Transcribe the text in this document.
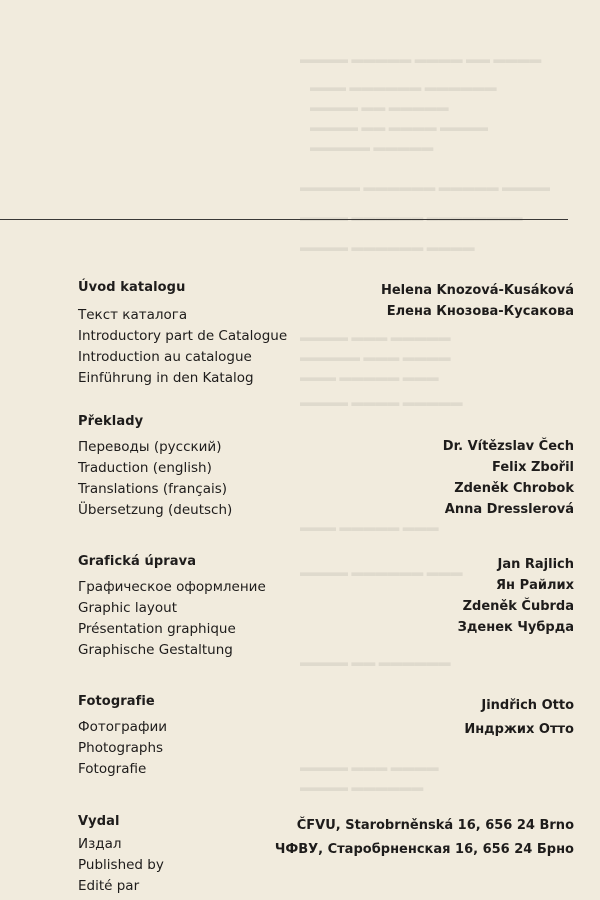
▬▬▬▬ ▬▬▬▬▬ ▬▬▬▬ ▬▬ ▬▬▬▬
▬▬▬ ▬▬▬▬▬▬ ▬▬▬▬▬▬
▬▬▬▬ ▬▬ ▬▬▬▬▬
▬▬▬▬ ▬▬ ▬▬▬▬ ▬▬▬▬
▬▬▬▬▬ ▬▬▬▬▬
▬▬▬▬▬ ▬▬▬▬▬▬ ▬▬▬▬▬ ▬▬▬▬
▬▬▬▬ ▬▬▬▬▬▬ ▬▬▬▬▬▬▬▬
▬▬▬▬ ▬▬▬▬▬▬ ▬▬▬▬
▬▬▬▬ ▬▬▬ ▬▬▬▬▬
▬▬▬▬▬ ▬▬▬ ▬▬▬▬
▬▬▬ ▬▬▬▬▬ ▬▬▬
▬▬▬▬ ▬▬▬▬ ▬▬▬▬▬
▬▬▬ ▬▬▬▬▬ ▬▬▬
▬▬▬▬ ▬▬▬▬▬▬ ▬▬▬
▬▬▬▬ ▬▬ ▬▬▬▬▬▬
▬▬▬▬ ▬▬▬ ▬▬▬▬
▬▬▬▬ ▬▬▬▬▬▬
Úvod katalogu
Текст каталога
Introductory part de Catalogue
Introduction au catalogue
Einführung in den Katalog
Helena Knozová-Kusáková
Елена Кнозова-Кусакова
Překlady
Переводы (русский)
Traduction (english)
Translations (français)
Übersetzung (deutsch)
Dr. Vítězslav Čech
Felix Zbořil
Zdeněk Chrobok
Anna Dresslerová
Grafická úprava
Графическое оформление
Graphic layout
Présentation graphique
Graphische Gestaltung
Jan Rajlich
Ян Райлих
Zdeněk Čubrda
Зденек Чубрда
Fotografie
Фотографии
Photographs
Fotografie
Jindřich Otto
Индржих Отто
Vydal
Издал
Published by
Edité par
ČFVU, Starobrněnská 16, 656 24 Brno
ЧФВУ, Старобрненская 16, 656 24 Брно
